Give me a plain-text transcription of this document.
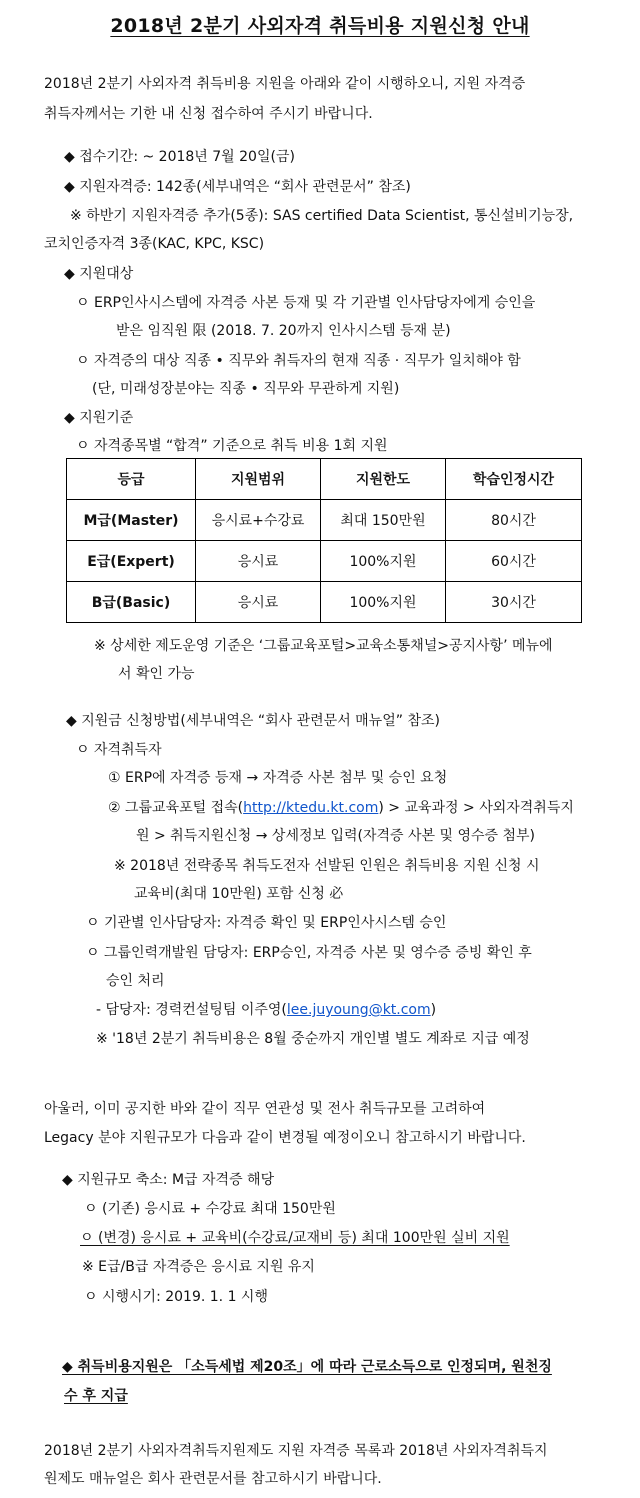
2018년 2분기 사외자격 취득비용 지원신청 안내
2018년 2분기 사외자격 취득비용 지원을 아래와 같이 시행하오니, 지원 자격증
취득자께서는 기한 내 신청 접수하여 주시기 바랍니다.
◆ 접수기간: ~ 2018년 7월 20일(금)
◆ 지원자격증: 142종(세부내역은 “회사 관련문서” 참조)
※ 하반기 지원자격증 추가(5종): SAS certified Data Scientist, 통신설비기능장,
코치인증자격 3종(KAC, KPC, KSC)
◆ 지원대상
ㅇ ERP인사시스템에 자격증 사본 등재 및 각 기관별 인사담당자에게 승인을
받은 임직원 限 (2018. 7. 20까지 인사시스템 등재 분)
ㅇ 자격증의 대상 직종 • 직무와 취득자의 현재 직종 · 직무가 일치해야 함
(단, 미래성장분야는 직종 • 직무와 무관하게 지원)
◆ 지원기준
ㅇ 자격종목별 “합격” 기준으로 취득 비용 1회 지원
등급	지원범위	지원한도	학습인정시간
M급(Master)	응시료+수강료	최대 150만원	80시간
E급(Expert)	응시료	100%지원	60시간
B급(Basic)	응시료	100%지원	30시간
※ 상세한 제도운영 기준은 ‘그룹교육포털>교육소통채널>공지사항’ 메뉴에
서 확인 가능
◆ 지원금 신청방법(세부내역은 “회사 관련문서 매뉴얼” 참조)
ㅇ 자격취득자
① ERP에 자격증 등재 → 자격증 사본 첨부 및 승인 요청
② 그룹교육포털 접속(http://ktedu.kt.com) > 교육과정 > 사외자격취득지
원 > 취득지원신청 → 상세정보 입력(자격증 사본 및 영수증 첨부)
※ 2018년 전략종목 취득도전자 선발된 인원은 취득비용 지원 신청 시
교육비(최대 10만원) 포함 신청 必
ㅇ 기관별 인사담당자: 자격증 확인 및 ERP인사시스템 승인
ㅇ 그룹인력개발원 담당자: ERP승인, 자격증 사본 및 영수증 증빙 확인 후
승인 처리
- 담당자: 경력컨설팅팀 이주영(lee.juyoung@kt.com)
※ '18년 2분기 취득비용은 8월 중순까지 개인별 별도 계좌로 지급 예정
아울러, 이미 공지한 바와 같이 직무 연관성 및 전사 취득규모를 고려하여
Legacy 분야 지원규모가 다음과 같이 변경될 예정이오니 참고하시기 바랍니다.
◆ 지원규모 축소: M급 자격증 해당
ㅇ (기존) 응시료 + 수강료 최대 150만원
ㅇ (변경) 응시료 + 교육비(수강료/교재비 등) 최대 100만원 실비 지원
※ E급/B급 자격증은 응시료 지원 유지
ㅇ 시행시기: 2019. 1. 1 시행
◆ 취득비용지원은 「소득세법 제20조」에 따라 근로소득으로 인정되며, 원천징
수 후 지급
2018년 2분기 사외자격취득지원제도 지원 자격증 목록과 2018년 사외자격취득지
원제도 매뉴얼은 회사 관련문서를 참고하시기 바랍니다.
